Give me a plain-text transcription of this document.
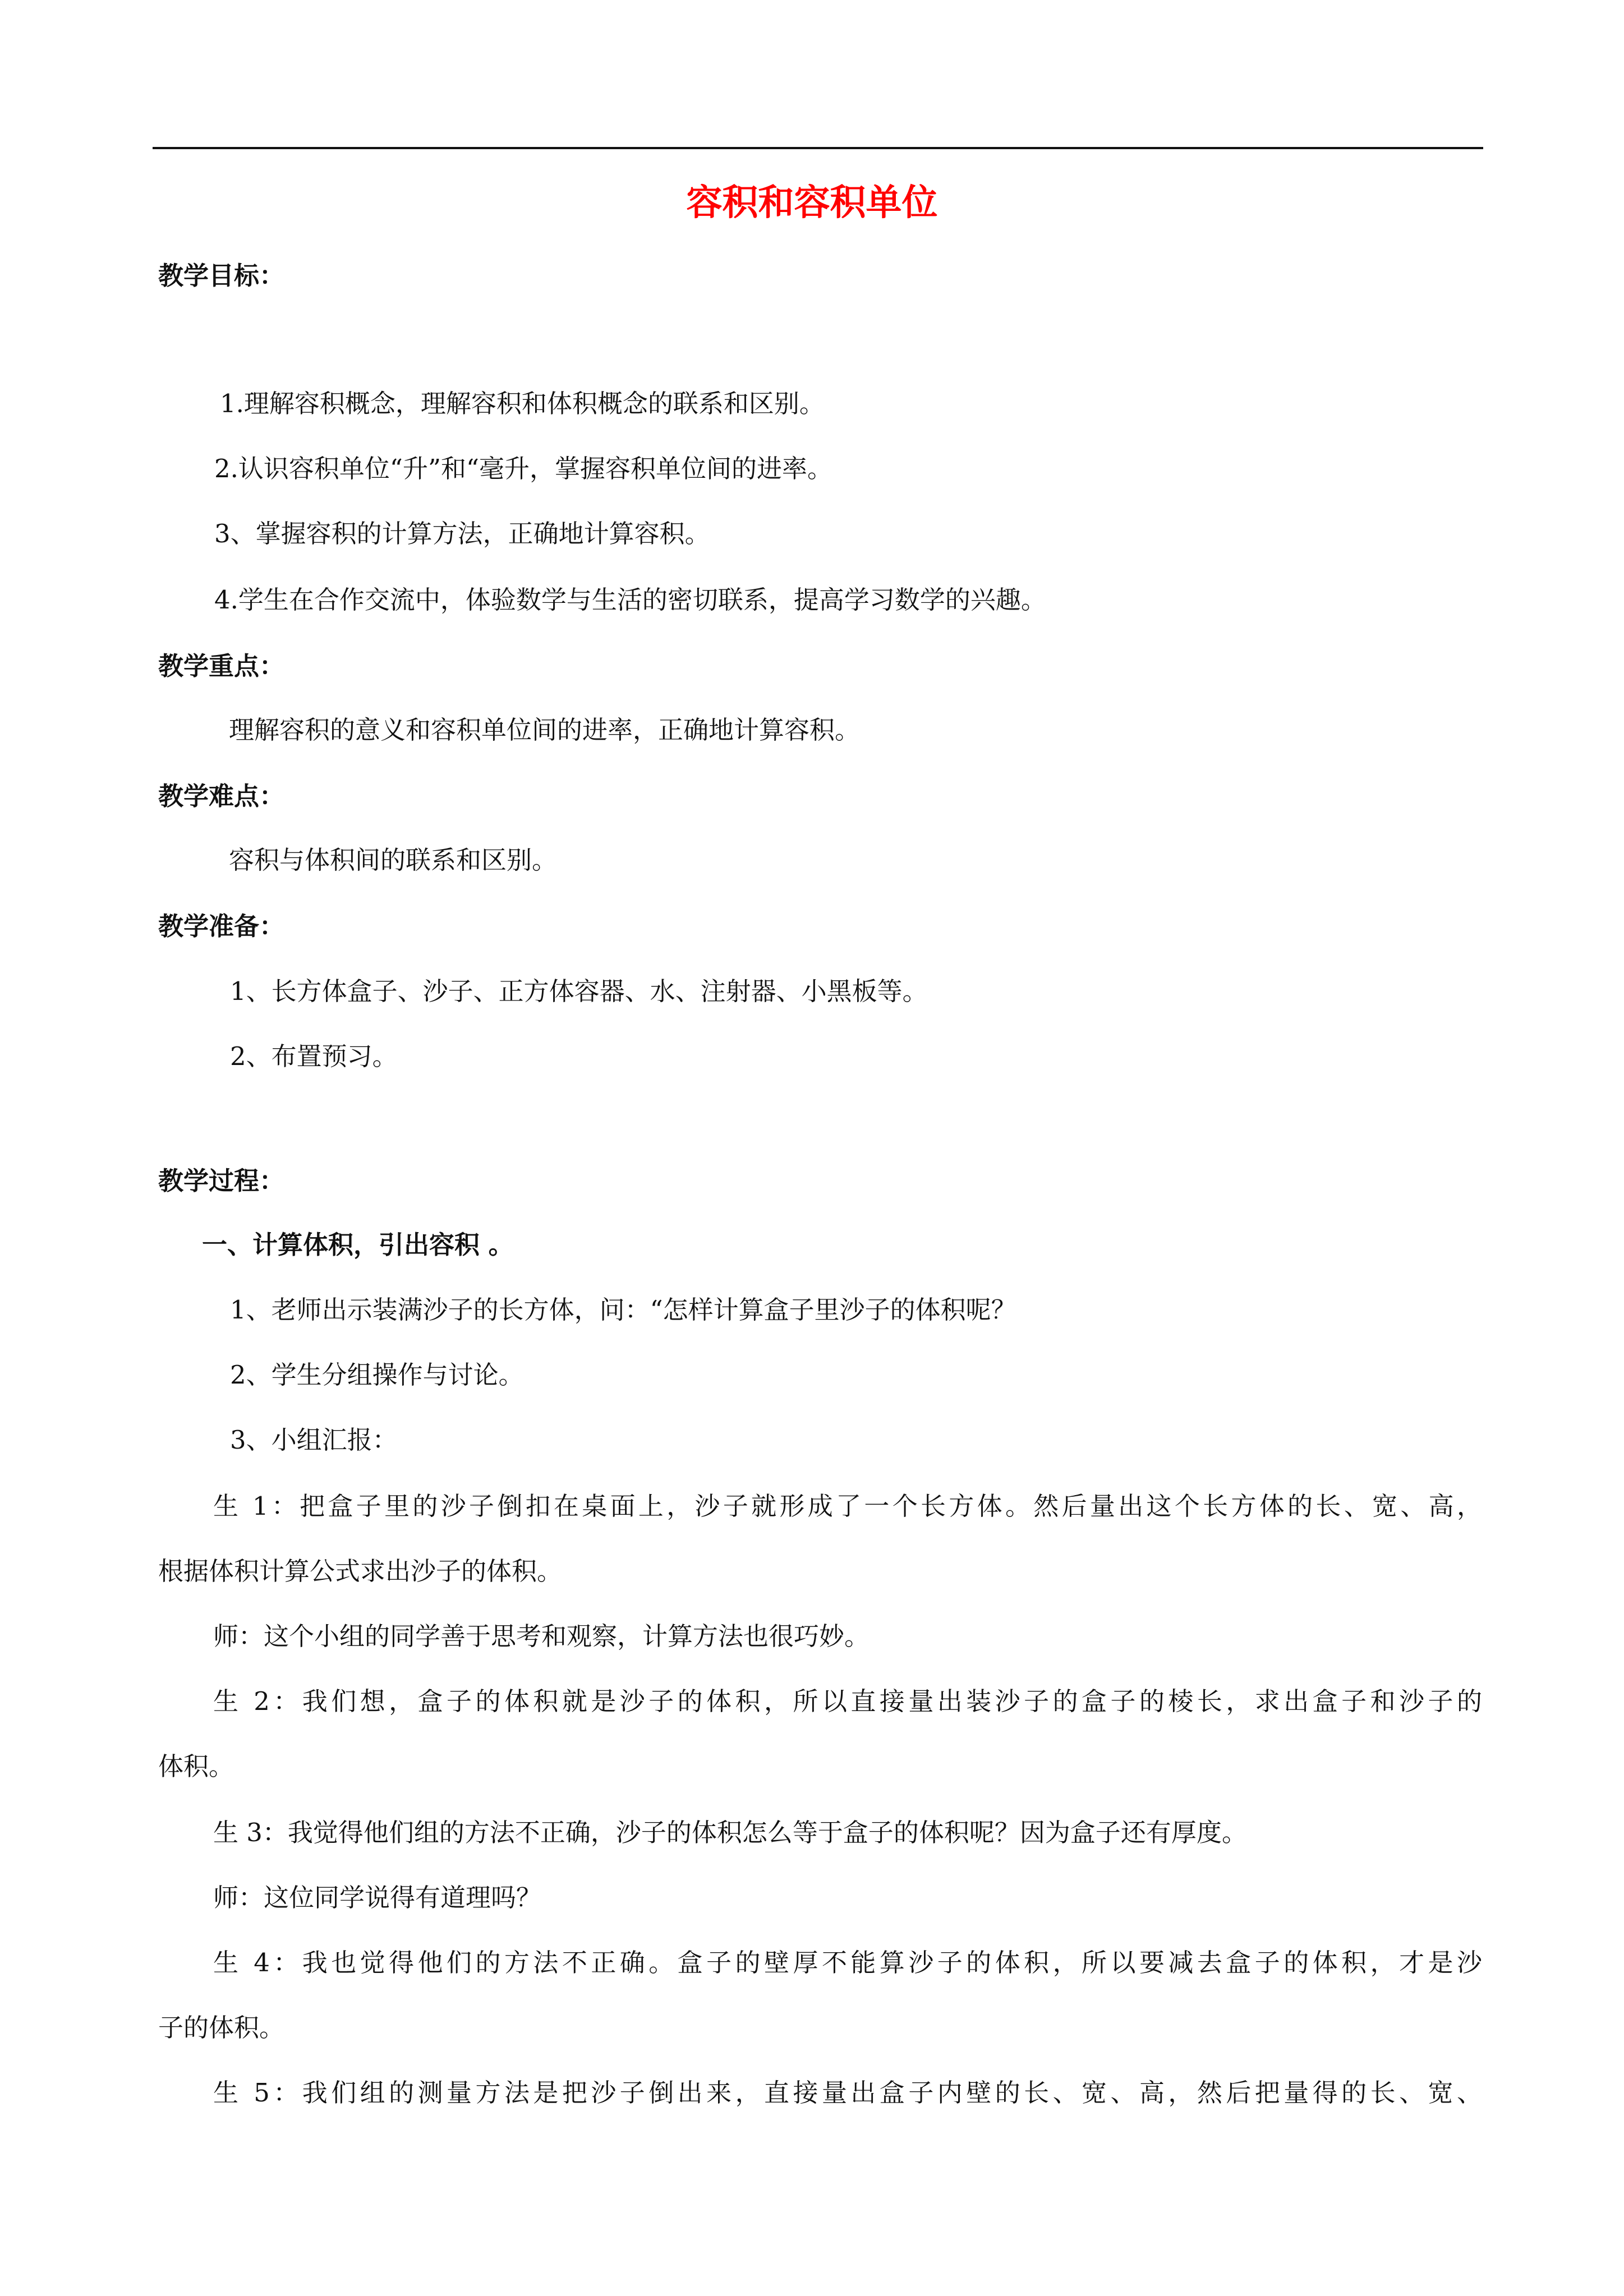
容积和容积单位
教学目标：
1.理解容积概念，理解容积和体积概念的联系和区别。
2.认识容积单位“升”和“毫升，掌握容积单位间的进率。
3、掌握容积的计算方法，正确地计算容积。
4.学生在合作交流中，体验数学与生活的密切联系，提高学习数学的兴趣。
教学重点：
理解容积的意义和容积单位间的进率，正确地计算容积。
教学难点：
容积与体积间的联系和区别。
教学准备：
1、长方体盒子、沙子、正方体容器、水、注射器、小黑板等。
2、布置预习。
教学过程：
一、计算体积，引出容积 。
1、老师出示装满沙子的长方体，问：“怎样计算盒子里沙子的体积呢？
2、学生分组操作与讨论。
3、小组汇报：
生 1：把盒子里的沙子倒扣在桌面上，沙子就形成了一个长方体。然后量出这个长方体的长、宽、高，
根据体积计算公式求出沙子的体积。
师：这个小组的同学善于思考和观察，计算方法也很巧妙。
生 2：我们想，盒子的体积就是沙子的体积，所以直接量出装沙子的盒子的棱长，求出盒子和沙子的
体积。
生 3：我觉得他们组的方法不正确，沙子的体积怎么等于盒子的体积呢？因为盒子还有厚度。
师：这位同学说得有道理吗？
生 4：我也觉得他们的方法不正确。盒子的壁厚不能算沙子的体积，所以要减去盒子的体积，才是沙
子的体积。
生 5：我们组的测量方法是把沙子倒出来，直接量出盒子内壁的长、宽、高，然后把量得的长、宽、
